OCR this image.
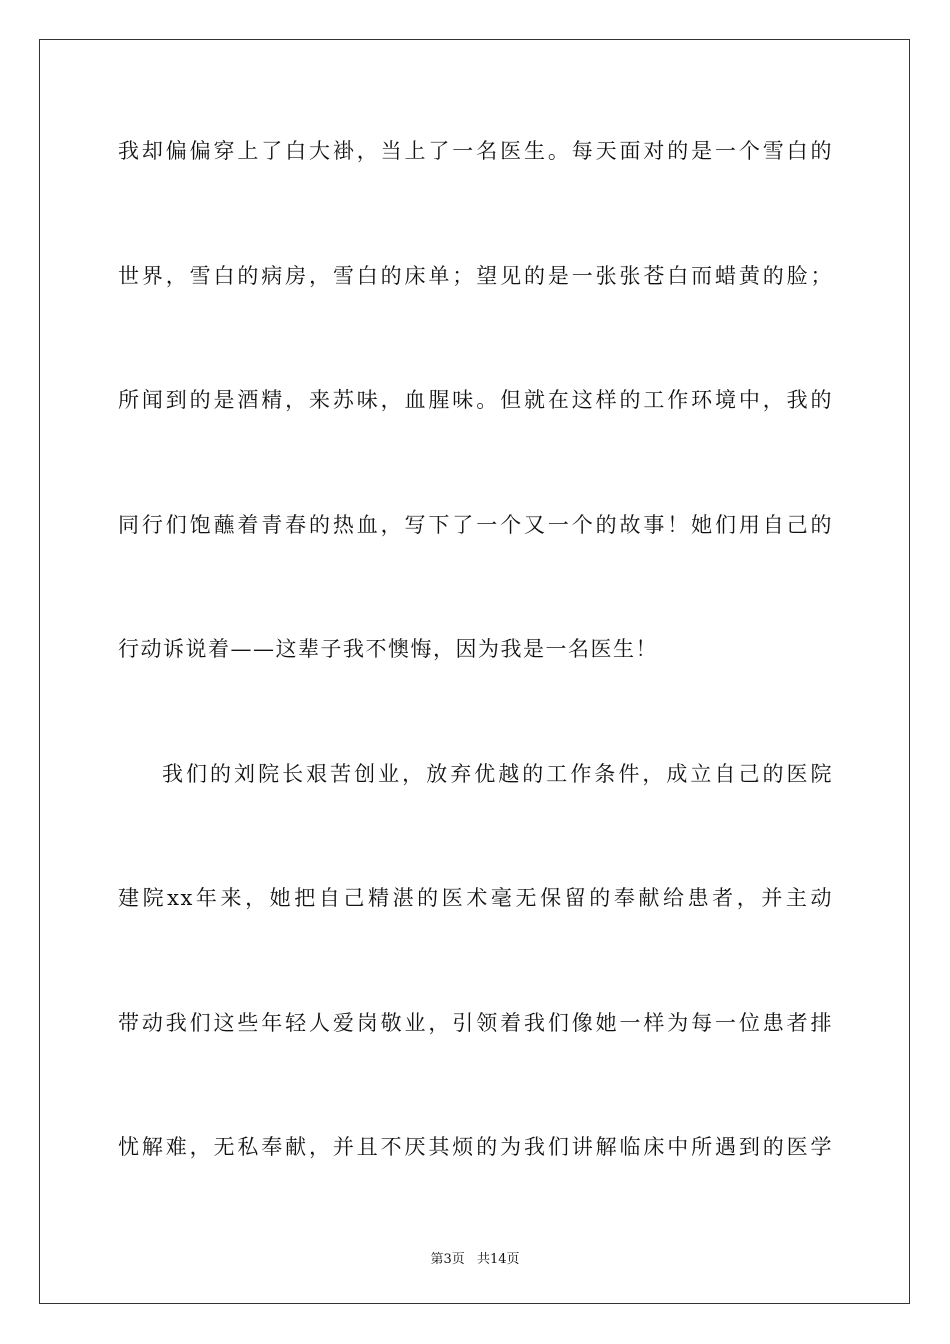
我却偏偏穿上了白大褂，当上了一名医生。每天面对的是一个雪白的
世界，雪白的病房，雪白的床单；望见的是一张张苍白而蜡黄的脸；
所闻到的是酒精，来苏味，血腥味。但就在这样的工作环境中，我的
同行们饱蘸着青春的热血，写下了一个又一个的故事！她们用自己的
行动诉说着——这辈子我不懊悔，因为我是一名医生！
我们的刘院长艰苦创业，放弃优越的工作条件，成立自己的医院
建院xx年来，她把自己精湛的医术毫无保留的奉献给患者，并主动
带动我们这些年轻人爱岗敬业，引领着我们像她一样为每一位患者排
忧解难，无私奉献，并且不厌其烦的为我们讲解临床中所遇到的医学
第3页 共14页
